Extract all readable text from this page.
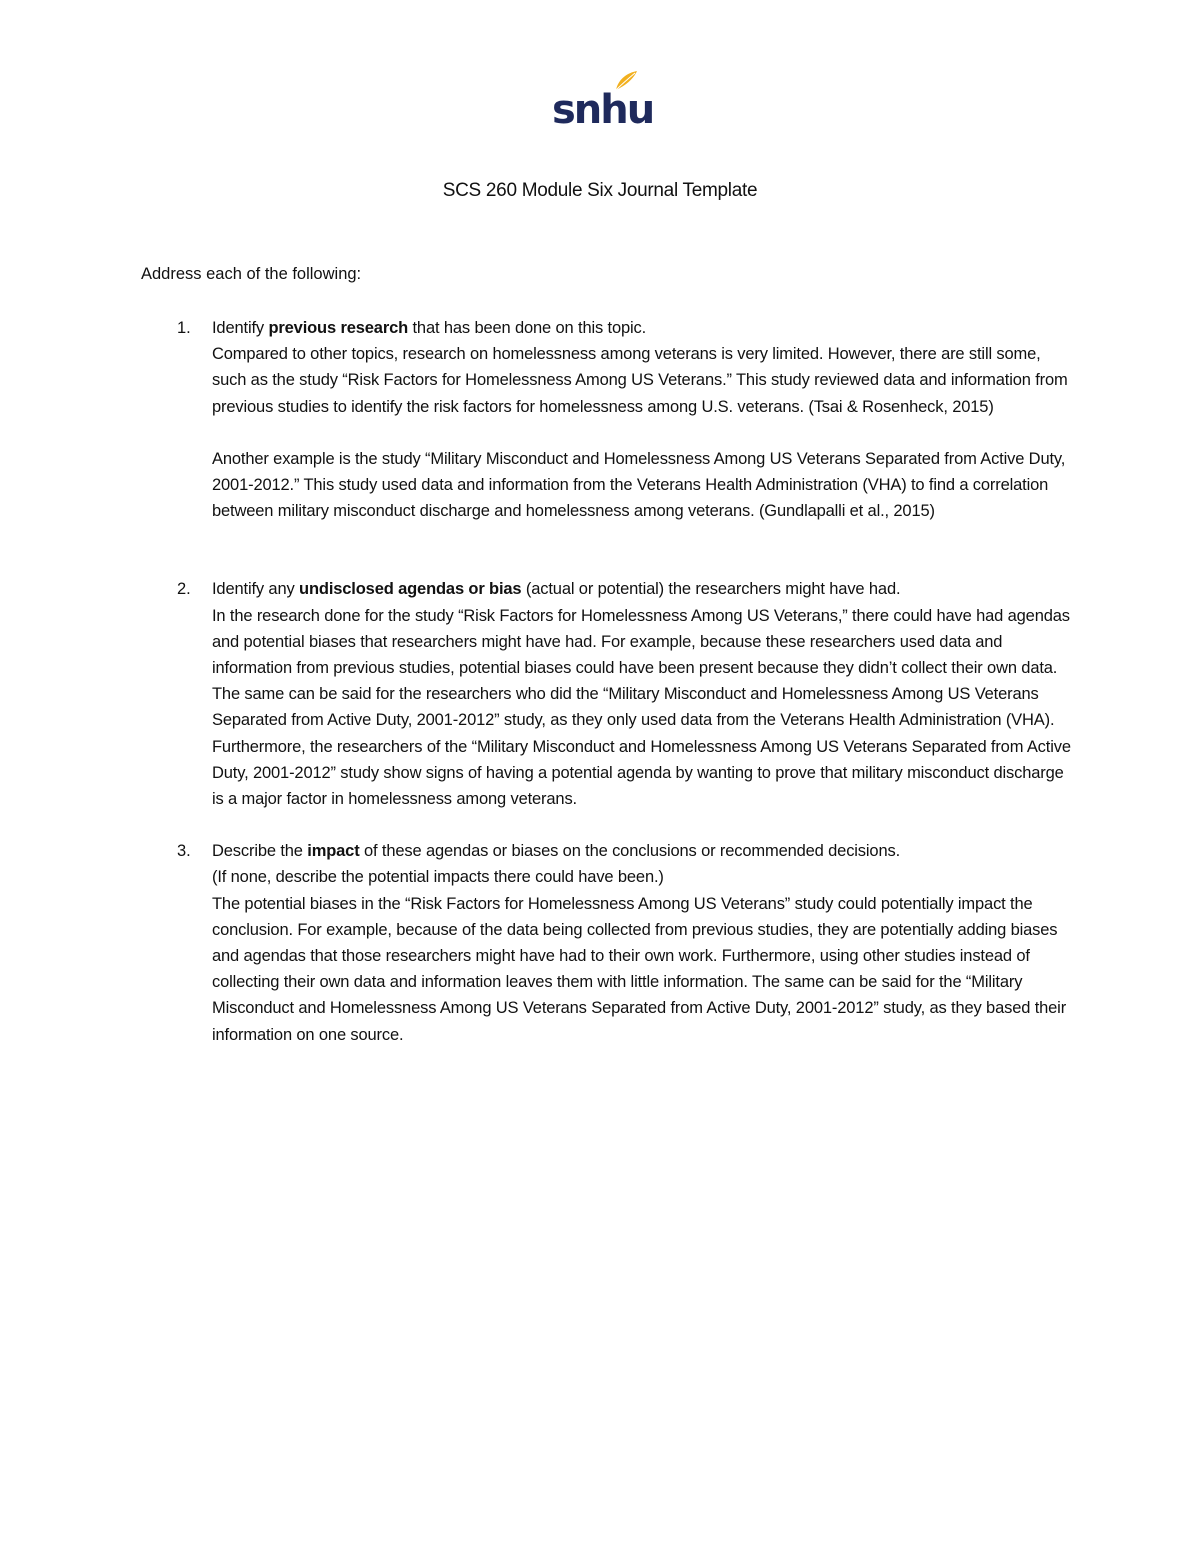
snhu
SCS 260 Module Six Journal Template

Address each of the following:

1. Identify previous research that has been done on this topic.

Compared to other topics, research on homelessness among veterans is very limited. However, there are still some, such as the study “Risk Factors for Homelessness Among US Veterans.” This study reviewed data and information from previous studies to identify the risk factors for homelessness among U.S. veterans. (Tsai & Rosenheck, 2015)

Another example is the study “Military Misconduct and Homelessness Among US Veterans Separated from Active Duty, 2001-2012.” This study used data and information from the Veterans Health Administration (VHA) to find a correlation between military misconduct discharge and homelessness among veterans. (Gundlapalli et al., 2015)

2. Identify any undisclosed agendas or bias (actual or potential) the researchers might have had.

In the research done for the study “Risk Factors for Homelessness Among US Veterans,” there could have had agendas and potential biases that researchers might have had. For example, because these researchers used data and information from previous studies, potential biases could have been present because they didn’t collect their own data. The same can be said for the researchers who did the “Military Misconduct and Homelessness Among US Veterans Separated from Active Duty, 2001-2012” study, as they only used data from the Veterans Health Administration (VHA). Furthermore, the researchers of the “Military Misconduct and Homelessness Among US Veterans Separated from Active Duty, 2001-2012” study show signs of having a potential agenda by wanting to prove that military misconduct discharge is a major factor in homelessness among veterans.

3. Describe the impact of these agendas or biases on the conclusions or recommended decisions.

(If none, describe the potential impacts there could have been.)

The potential biases in the “Risk Factors for Homelessness Among US Veterans” study could potentially impact the conclusion. For example, because of the data being collected from previous studies, they are potentially adding biases and agendas that those researchers might have had to their own work. Furthermore, using other studies instead of collecting their own data and information leaves them with little information. The same can be said for the “Military Misconduct and Homelessness Among US Veterans Separated from Active Duty, 2001-2012” study, as they based their information on one source.
